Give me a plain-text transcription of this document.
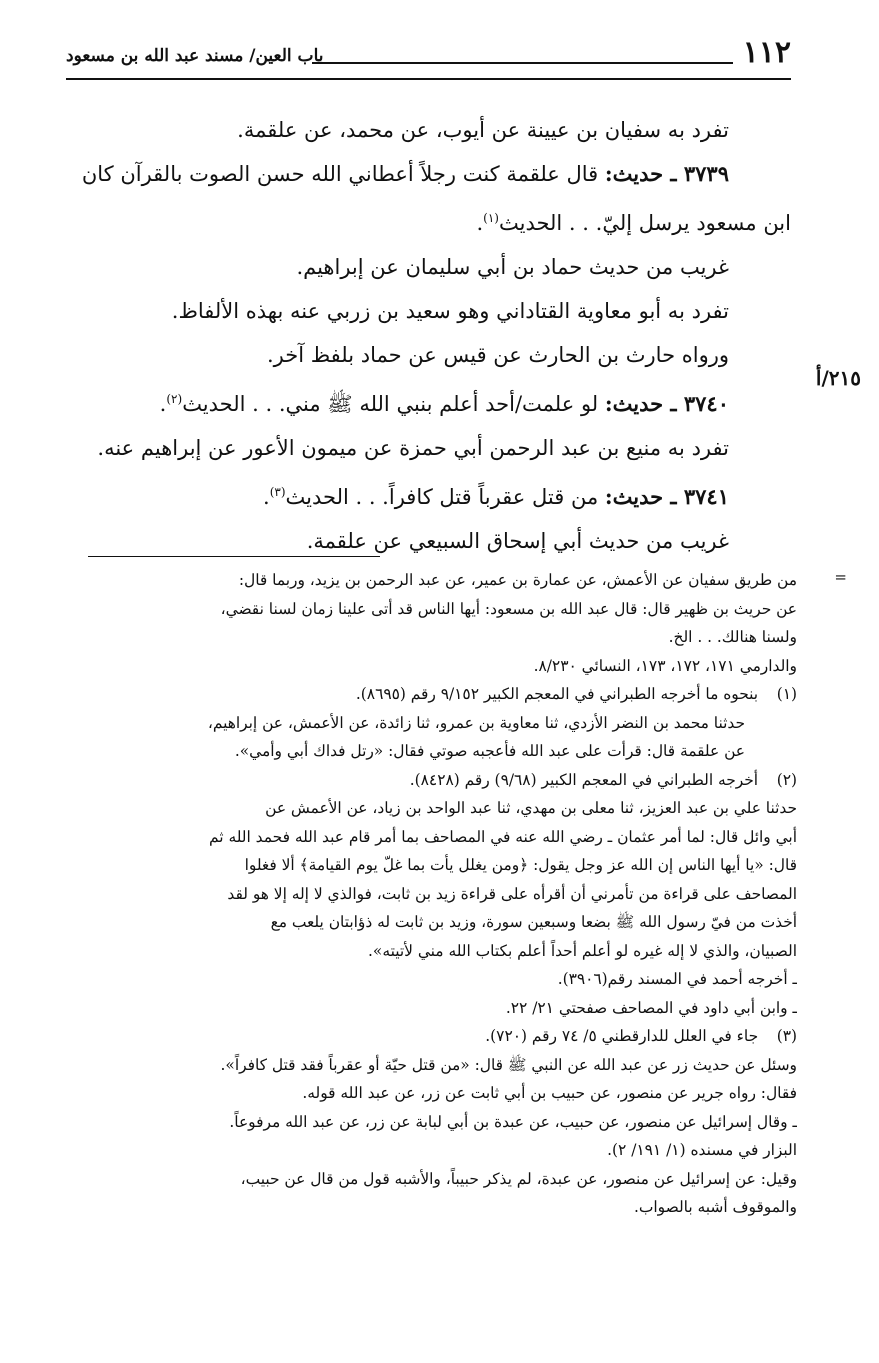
١١٢
باب العين/ مسند عبد الله بن مسعود
٢١٥/أ
تفرد به سفيان بن عيينة عن أيوب، عن محمد، عن علقمة.
٣٧٣٩ ـ حديث: قال علقمة كنت رجلاً أعطاني الله حسن الصوت بالقرآن كان
ابن مسعود يرسل إليّ. . . الحديث$^{(١)}$.
غريب من حديث حماد بن أبي سليمان عن إبراهيم.
تفرد به أبو معاوية القتاداني وهو سعيد بن زربي عنه بهذه الألفاظ.
ورواه حارث بن الحارث عن قيس عن حماد بلفظ آخر.
٣٧٤٠ ـ حديث: لو علمت/أحد أعلم بنبي الله ﷺ مني. . . الحديث$^{(٢)}$.
تفرد به منيع بن عبد الرحمن أبي حمزة عن ميمون الأعور عن إبراهيم عنه.
٣٧٤١ ـ حديث: من قتل عقرباً قتل كافراً. . . الحديث$^{(٣)}$.
غريب من حديث أبي إسحاق السبيعي عن علقمة.
=
من طريق سفيان عن الأعمش، عن عمارة بن عمير، عن عبد الرحمن بن يزيد، وربما قال:
عن حريث بن ظهير قال: قال عبد الله بن مسعود: أيها الناس قد أتى علينا زمان لسنا نقضي،
ولسنا هنالك. . . الخ.
والدارمي ١٧١، ١٧٢، ١٧٣، النسائي ٨/٢٣٠.
(١) بنحوه ما أخرجه الطبراني في المعجم الكبير ٩/١٥٢ رقم (٨٦٩٥).
حدثنا محمد بن النضر الأزدي، ثنا معاوية بن عمرو، ثنا زائدة، عن الأعمش، عن إبراهيم،
عن علقمة قال: قرأت على عبد الله فأعجبه صوتي فقال: «رتل فداك أبي وأمي».
(٢) أخرجه الطبراني في المعجم الكبير (٩/٦٨) رقم (٨٤٢٨).
حدثنا علي بن عبد العزيز، ثنا معلى بن مهدي، ثنا عبد الواحد بن زياد، عن الأعمش عن
أبي وائل قال: لما أمر عثمان ـ رضي الله عنه في المصاحف بما أمر قام عبد الله فحمد الله ثم
قال: «يا أيها الناس إن الله عز وجل يقول: ﴿ومن يغلل يأت بما غلّ يوم القيامة﴾ ألا فغلوا
المصاحف على قراءة من تأمرني أن أقرأه على قراءة زيد بن ثابت، فوالذي لا إله إلا هو لقد
أخذت من فيّ رسول الله ﷺ بضعا وسبعين سورة، وزيد بن ثابت له ذؤابتان يلعب مع
الصبيان، والذي لا إله غيره لو أعلم أحداً أعلم بكتاب الله مني لأتيته».
ـ أخرجه أحمد في المسند رقم(٣٩٠٦).
ـ وابن أبي داود في المصاحف صفحتي ٢١/ ٢٢.
(٣) جاء في العلل للدارقطني ٥/ ٧٤ رقم (٧٢٠).
وسئل عن حديث زر عن عبد الله عن النبي ﷺ قال: «من قتل حيّة أو عقرباً فقد قتل كافراً».
فقال: رواه جرير عن منصور، عن حبيب بن أبي ثابت عن زر، عن عبد الله قوله.
ـ وقال إسرائيل عن منصور، عن حبيب، عن عبدة بن أبي لبابة عن زر، عن عبد الله مرفوعاً.
البزار في مسنده (١/ ١٩١/ ٢).
وقيل: عن إسرائيل عن منصور، عن عبدة، لم يذكر حبيباً، والأشبه قول من قال عن حبيب،
والموقوف أشبه بالصواب.
